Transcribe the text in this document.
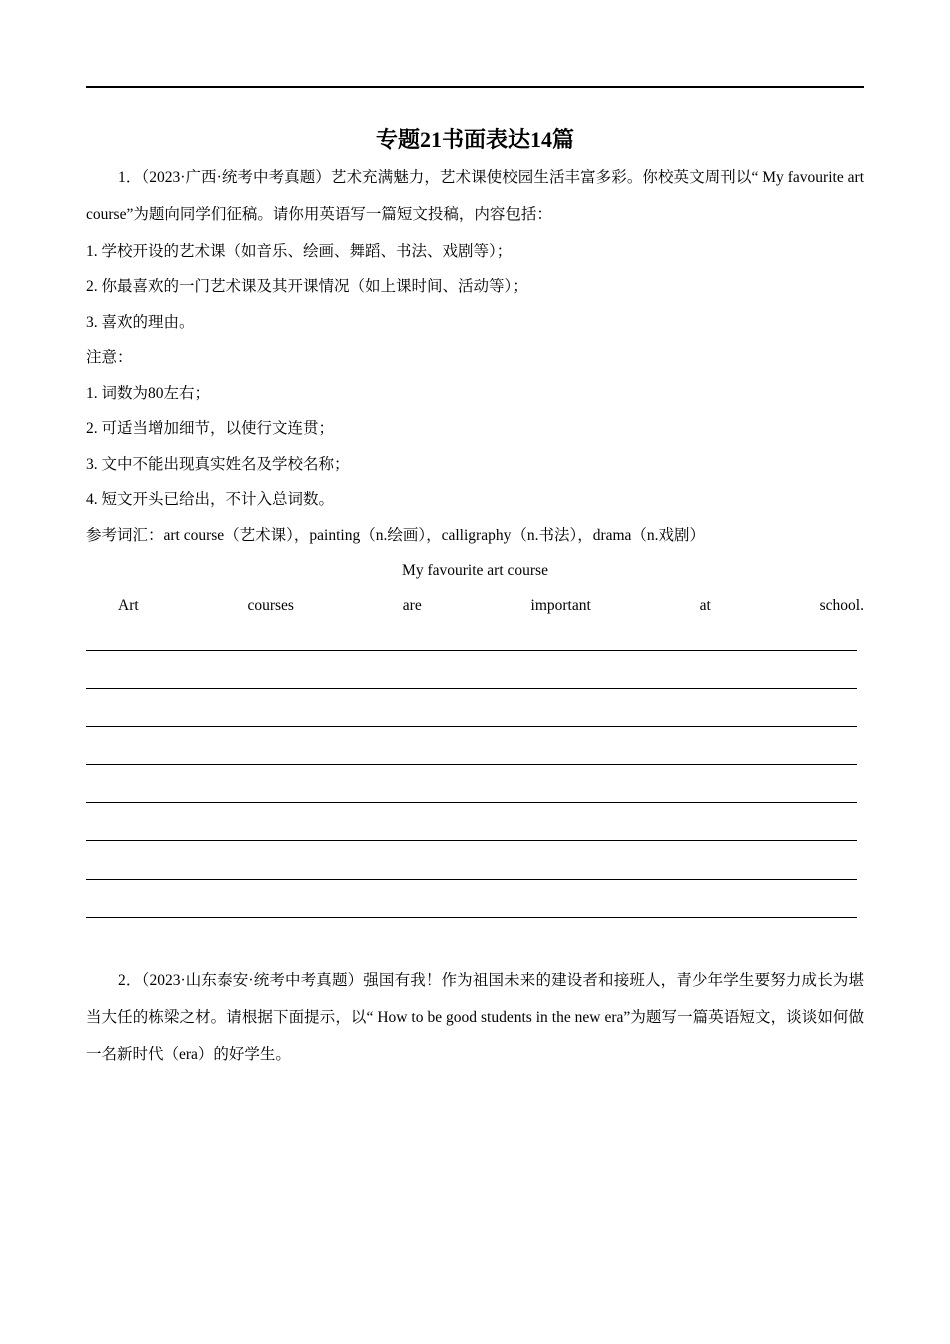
专题21书面表达14篇
1．（2023·广西·统考中考真题）艺术充满魅力，艺术课使校园生活丰富多彩。你校英文周刊以“ My favourite art course”为题向同学们征稿。请你用英语写一篇短文投稿，内容包括：
1. 学校开设的艺术课（如音乐、绘画、舞蹈、书法、戏剧等）；
2. 你最喜欢的一门艺术课及其开课情况（如上课时间、活动等）；
3. 喜欢的理由。
注意：
1. 词数为80左右；
2. 可适当增加细节，以使行文连贯；
3. 文中不能出现真实姓名及学校名称；
4. 短文开头已给出，不计入总词数。
参考词汇：art course（艺术课），painting（n.绘画），calligraphy（n.书法），drama（n.戏剧）
My favourite art course
Art	courses	are	important	at	school.
2．（2023·山东泰安·统考中考真题）强国有我！作为祖国未来的建设者和接班人，青少年学生要努力成长为堪当大任的栋梁之材。请根据下面提示，以“ How to be good students in the new era”为题写一篇英语短文，谈谈如何做一名新时代（era）的好学生。
